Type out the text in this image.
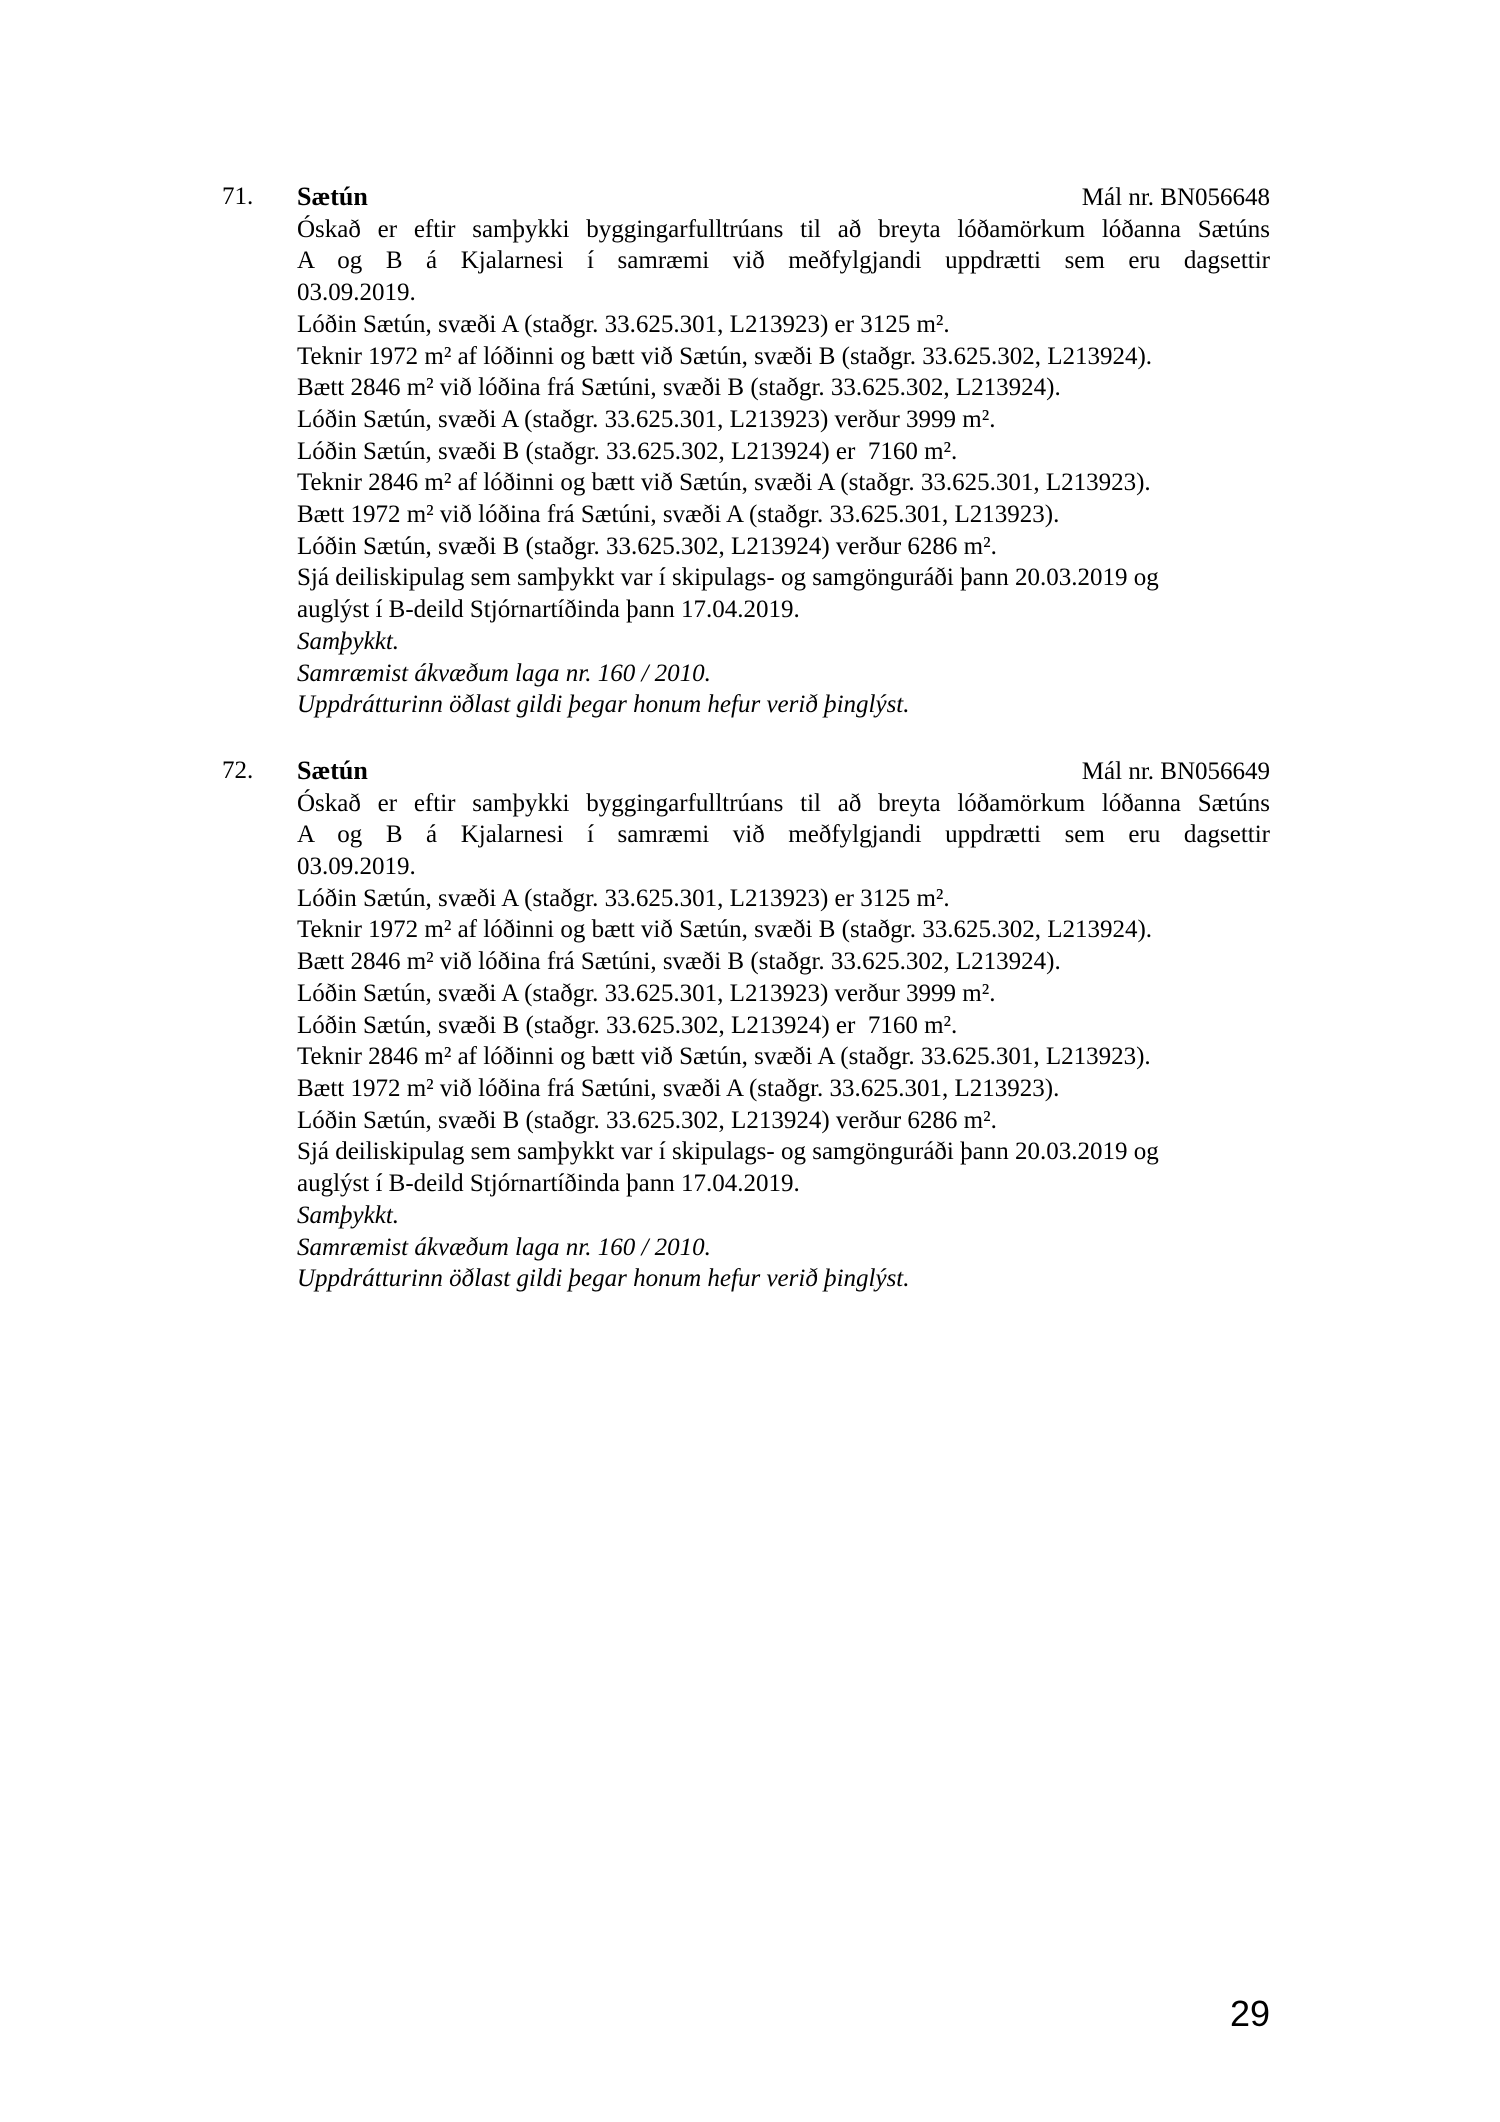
71.	Sætún	Mál nr. BN056648
Óskað er eftir samþykki byggingarfulltrúans til að breyta lóðamörkum lóðanna Sætúns
A og B á Kjalarnesi í samræmi við meðfylgjandi uppdrætti sem eru dagsettir
03.09.2019.
Lóðin Sætún, svæði A (staðgr. 33.625.301, L213923) er 3125 m².
Teknir 1972 m² af lóðinni og bætt við Sætún, svæði B (staðgr. 33.625.302, L213924).
Bætt 2846 m² við lóðina frá Sætúni, svæði B (staðgr. 33.625.302, L213924).
Lóðin Sætún, svæði A (staðgr. 33.625.301, L213923) verður 3999 m².
Lóðin Sætún, svæði B (staðgr. 33.625.302, L213924) er  7160 m².
Teknir 2846 m² af lóðinni og bætt við Sætún, svæði A (staðgr. 33.625.301, L213923).
Bætt 1972 m² við lóðina frá Sætúni, svæði A (staðgr. 33.625.301, L213923).
Lóðin Sætún, svæði B (staðgr. 33.625.302, L213924) verður 6286 m².
Sjá deiliskipulag sem samþykkt var í skipulags- og samgönguráði þann 20.03.2019 og
auglýst í B-deild Stjórnartíðinda þann 17.04.2019.
Samþykkt.
Samræmist ákvæðum laga nr. 160 / 2010.
Uppdrátturinn öðlast gildi þegar honum hefur verið þinglýst.
72.	Sætún	Mál nr. BN056649
Óskað er eftir samþykki byggingarfulltrúans til að breyta lóðamörkum lóðanna Sætúns
A og B á Kjalarnesi í samræmi við meðfylgjandi uppdrætti sem eru dagsettir
03.09.2019.
Lóðin Sætún, svæði A (staðgr. 33.625.301, L213923) er 3125 m².
Teknir 1972 m² af lóðinni og bætt við Sætún, svæði B (staðgr. 33.625.302, L213924).
Bætt 2846 m² við lóðina frá Sætúni, svæði B (staðgr. 33.625.302, L213924).
Lóðin Sætún, svæði A (staðgr. 33.625.301, L213923) verður 3999 m².
Lóðin Sætún, svæði B (staðgr. 33.625.302, L213924) er  7160 m².
Teknir 2846 m² af lóðinni og bætt við Sætún, svæði A (staðgr. 33.625.301, L213923).
Bætt 1972 m² við lóðina frá Sætúni, svæði A (staðgr. 33.625.301, L213923).
Lóðin Sætún, svæði B (staðgr. 33.625.302, L213924) verður 6286 m².
Sjá deiliskipulag sem samþykkt var í skipulags- og samgönguráði þann 20.03.2019 og
auglýst í B-deild Stjórnartíðinda þann 17.04.2019.
Samþykkt.
Samræmist ákvæðum laga nr. 160 / 2010.
Uppdrátturinn öðlast gildi þegar honum hefur verið þinglýst.
29
